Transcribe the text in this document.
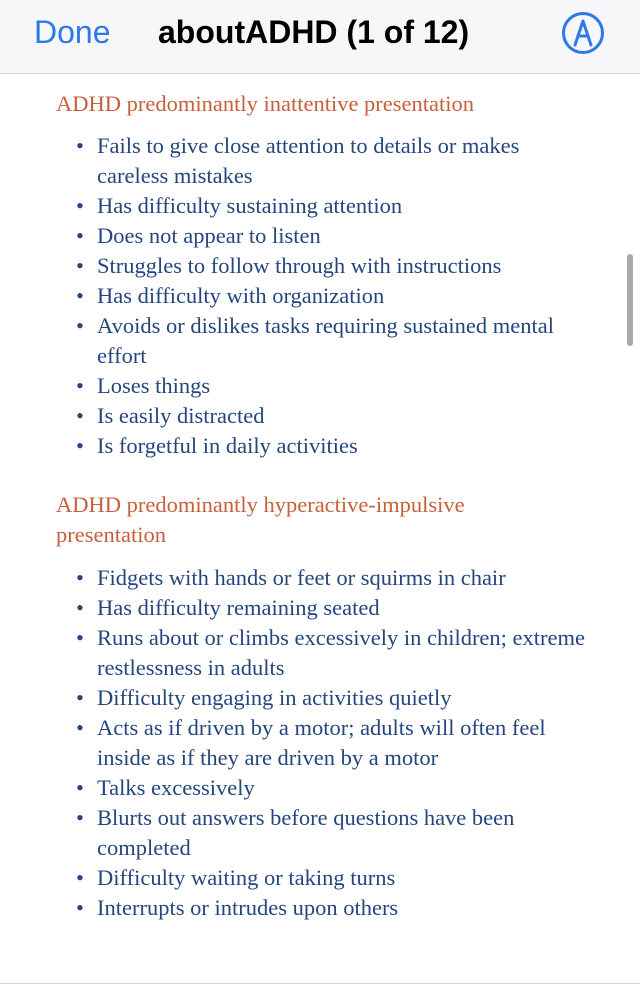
Done aboutADHD (1 of 12)
ADHD predominantly inattentive presentation
• Fails to give close attention to details or makes careless mistakes
• Has difficulty sustaining attention
• Does not appear to listen
• Struggles to follow through with instructions
• Has difficulty with organization
• Avoids or dislikes tasks requiring sustained mental effort
• Loses things
• Is easily distracted
• Is forgetful in daily activities
ADHD predominantly hyperactive-impulsive presentation
• Fidgets with hands or feet or squirms in chair
• Has difficulty remaining seated
• Runs about or climbs excessively in children; extreme restlessness in adults
• Difficulty engaging in activities quietly
• Acts as if driven by a motor; adults will often feel inside as if they are driven by a motor
• Talks excessively
• Blurts out answers before questions have been completed
• Difficulty waiting or taking turns
• Interrupts or intrudes upon others
